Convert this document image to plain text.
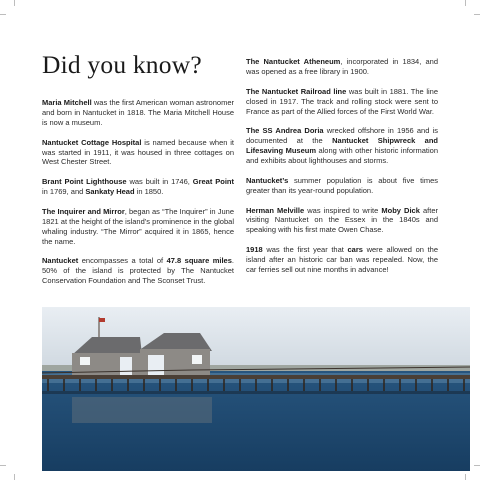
Did you know?

Maria Mitchell was the first American woman astronomer and born in Nantucket in 1818. The Maria Mitchell House is now a museum.

Nantucket Cottage Hospital is named because when it was started in 1911, it was housed in three cottages on West Chester Street.

Brant Point Lighthouse was built in 1746, Great Point in 1769, and Sankaty Head in 1850.

The Inquirer and Mirror, began as “The Inquirer” in June 1821 at the height of the island’s prominence in the global whaling industry. “The Mirror” acquired it in 1865, hence the name.

Nantucket encompasses a total of 47.8 square miles. 50% of the island is protected by The Nantucket Conservation Foundation and The Sconset Trust.

The Nantucket Atheneum, incorporated in 1834, and was opened as a free library in 1900.

The Nantucket Railroad line was built in 1881. The line closed in 1917. The track and rolling stock were sent to France as part of the Allied forces of the First World War.

The SS Andrea Doria wrecked offshore in 1956 and is documented at the Nantucket Shipwreck and Lifesaving Museum along with other historic information and exhibits about lighthouses and storms.

Nantucket’s summer population is about five times greater than its year-round population.

Herman Melville was inspired to write Moby Dick after visiting Nantucket on the Essex in the 1840s and speaking with his first mate Owen Chase.

1918 was the first year that cars were allowed on the island after an historic car ban was repealed. Now, the car ferries sell out nine months in advance!
